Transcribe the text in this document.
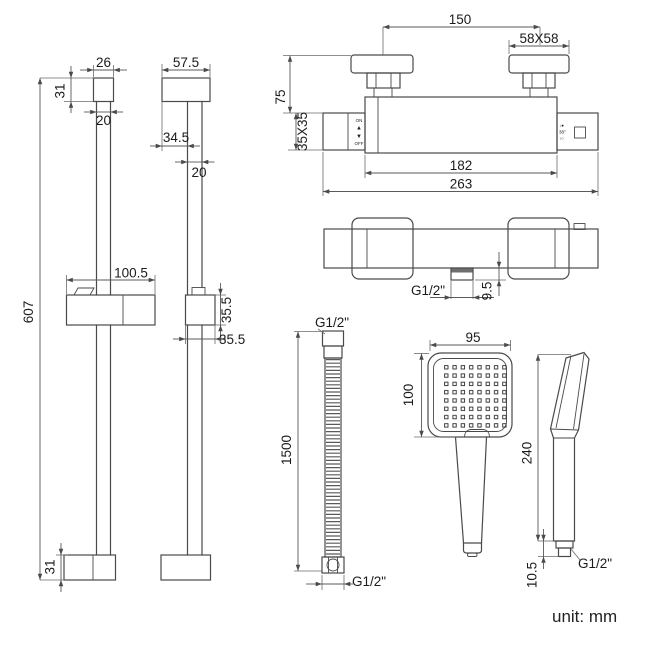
607
31
26
20
100.5
31
57.5
34.5
20
35.5
35.5
ON
▲
▼
OFF
↓●
38°
↑○
150
58X58
75
35X35
182
263
G1/2"	9.5
G1/2"
1500
G1/2"
95
100
240
10.5	G1/2"
unit: mm
